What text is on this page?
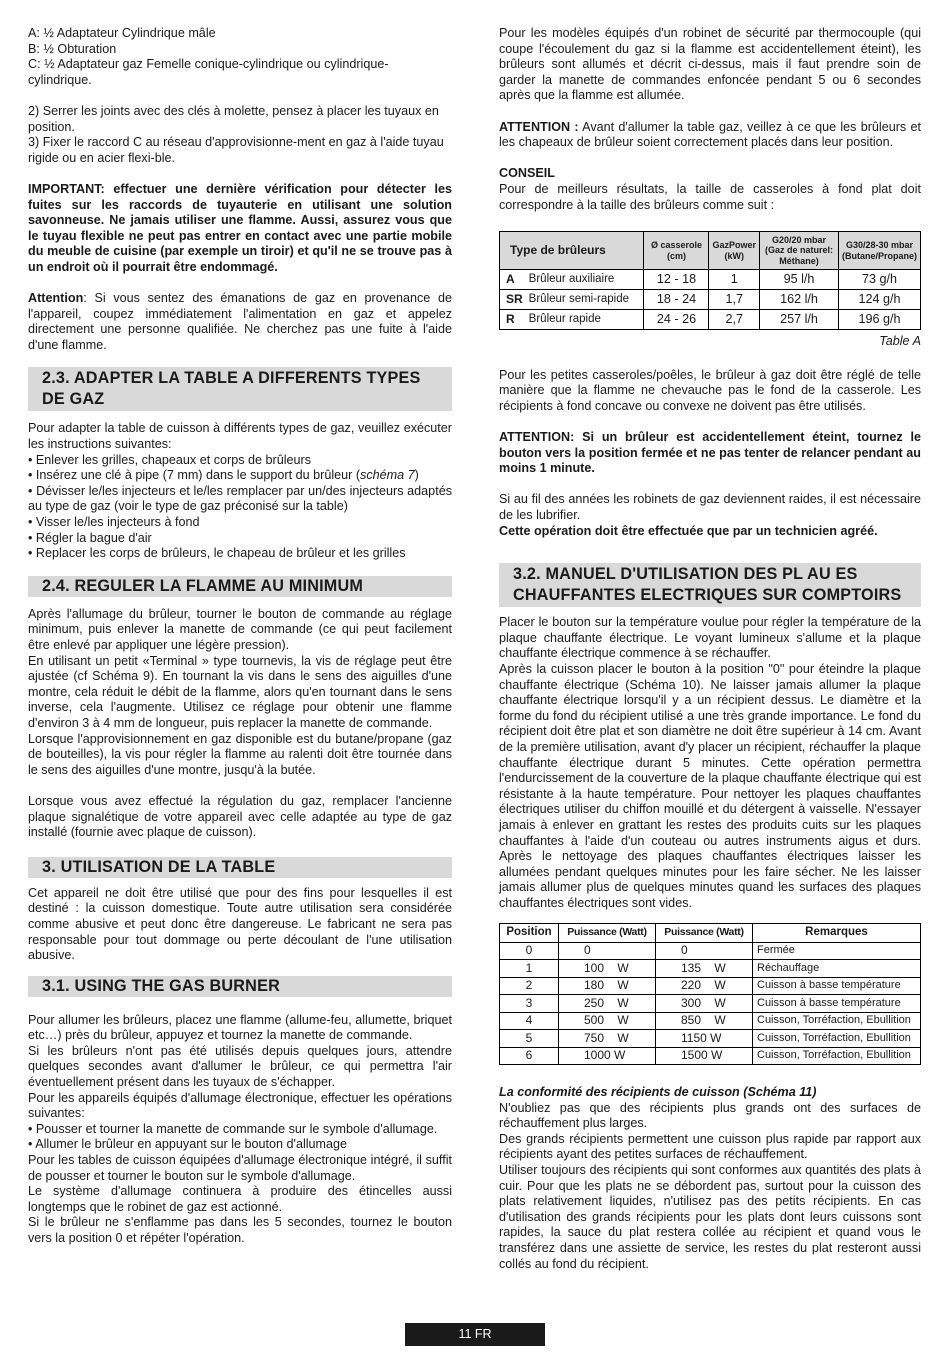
A: ½ Adaptateur Cylindrique mâle

B: ½ Obturation

C: ½ Adaptateur gaz Femelle conique-cylindrique ou cylindrique-cylindrique.

2) Serrer les joints avec des clés à molette, pensez à placer les tuyaux en position.

3) Fixer le raccord C au réseau d'approvisionne-ment en gaz à l'aide tuyau rigide ou en acier flexi-ble.

IMPORTANT: effectuer une dernière vérification pour détecter les fuites sur les raccords de tuyauterie en utilisant une solution savonneuse. Ne jamais utiliser une flamme. Aussi, assurez vous que le tuyau flexible ne peut pas entrer en contact avec une partie mobile du meuble de cuisine (par exemple un tiroir) et qu'il ne se trouve pas à un endroit où il pourrait être endommagé.

Attention: Si vous sentez des émanations de gaz en provenance de l'appareil, coupez immédiatement l'alimentation en gaz et appelez directement une personne qualifiée. Ne cherchez pas une fuite à l'aide d'une flamme.

2.3. ADAPTER LA TABLE A DIFFERENTS TYPES DE GAZ

Pour adapter la table de cuisson à différents types de gaz, veuillez exécuter les instructions suivantes:

• Enlever les grilles, chapeaux et corps de brûleurs

• Insérez une clé à pipe (7 mm) dans le support du brûleur (schéma 7)

• Dévisser le/les injecteurs et le/les remplacer par un/des injecteurs adaptés au type de gaz (voir le type de gaz préconisé sur la table)

• Visser le/les injecteurs à fond

• Régler la bague d'air

• Replacer les corps de brûleurs, le chapeau de brûleur et les grilles

2.4. REGULER LA FLAMME AU MINIMUM

Après l'allumage du brûleur, tourner le bouton de commande au réglage minimum, puis enlever la manette de commande (ce qui peut facilement être enlevé par appliquer une légère pression).

En utilisant un petit «Terminal » type tournevis, la vis de réglage peut être ajustée (cf Schéma 9). En tournant la vis dans le sens des aiguilles d'une montre, cela réduit le débit de la flamme, alors qu'en tournant dans le sens inverse, cela l'augmente. Utilisez ce réglage pour obtenir une flamme d'environ 3 à 4 mm de longueur, puis replacer la manette de commande.

Lorsque l'approvisionnement en gaz disponible est du butane/propane (gaz de bouteilles), la vis pour régler la flamme au ralenti doit être tournée dans le sens des aiguilles d'une montre, jusqu'à la butée.

Lorsque vous avez effectué la régulation du gaz, remplacer l'ancienne plaque signalétique de votre appareil avec celle adaptée au type de gaz installé (fournie avec plaque de cuisson).

3. UTILISATION DE LA TABLE

Cet appareil ne doit être utilisé que pour des fins pour lesquelles il est destiné : la cuisson domestique. Toute autre utilisation sera considérée comme abusive et peut donc être dangereuse. Le fabricant ne sera pas responsable pour tout dommage ou perte découlant de l'une utilisation abusive.

3.1. USING THE GAS BURNER

Pour allumer les brûleurs, placez une flamme (allume-feu, allumette, briquet etc…) près du brûleur, appuyez et tournez la manette de commande.

Si les brûleurs n'ont pas été utilisés depuis quelques jours, attendre quelques secondes avant d'allumer le brûleur, ce qui permettra l'air éventuellement présent dans les tuyaux de s'échapper.

Pour les appareils équipés d'allumage électronique, effectuer les opérations suivantes:

• Pousser et tourner la manette de commande sur le symbole d'allumage.

• Allumer le brûleur en appuyant sur le bouton d'allumage

Pour les tables de cuisson équipées d'allumage électronique intégré, il suffit de pousser et tourner le bouton sur le symbole d'allumage.

Le système d'allumage continuera à produire des étincelles aussi longtemps que le robinet de gaz est actionné.

Si le brûleur ne s'enflamme pas dans les 5 secondes, tournez le bouton vers la position 0 et répéter l'opération.

Pour les modèles équipés d'un robinet de sécurité par thermocouple (qui coupe l'écoulement du gaz si la flamme est accidentellement éteint), les brûleurs sont allumés et décrit ci-dessus, mais il faut prendre soin de garder la manette de commandes enfoncée pendant 5 ou 6 secondes après que la flamme est allumée.

ATTENTION : Avant d'allumer la table gaz, veillez à ce que les brûleurs et les chapeaux de brûleur soient correctement placés dans leur position.

CONSEIL

Pour de meilleurs résultats, la taille de casseroles à fond plat doit correspondre à la taille des brûleurs comme suit :

Type de brûleurs		Ø casserole (cm)	GazPower (kW)	G20/20 mbar (Gaz de naturel: Méthane)	G30/28-30 mbar (Butane/Propane)
A	Brûleur auxiliaire	12 - 18	1	95 l/h	73 g/h
SR	Brûleur semi-rapide	18 - 24	1,7	162 l/h	124 g/h
R	Brûleur rapide	24 - 26	2,7	257 l/h	196 g/h

Table A

Pour les petites casseroles/poêles, le brûleur à gaz doit être réglé de telle manière que la flamme ne chevauche pas le fond de la casserole. Les récipients à fond concave ou convexe ne doivent pas être utilisés.

ATTENTION: Si un brûleur est accidentellement éteint, tournez le bouton vers la position fermée et ne pas tenter de relancer pendant au moins 1 minute.

Si au fil des années les robinets de gaz deviennent raides, il est nécessaire de les lubrifier.

Cette opération doit être effectuée que par un technicien agréé.

3.2. MANUEL D'UTILISATION DES PL AU ES CHAUFFANTES ELECTRIQUES SUR COMPTOIRS

Placer le bouton sur la température voulue pour régler la température de la plaque chauffante électrique. Le voyant lumineux s'allume et la plaque chauffante électrique commence à se réchauffer.

Après la cuisson placer le bouton à la position "0" pour éteindre la plaque chauffante électrique (Schéma 10). Ne laisser jamais allumer la plaque chauffante électrique lorsqu'il y a un récipient dessus. Le diamètre et la forme du fond du récipient utilisé a une très grande importance. Le fond du récipient doit être plat et son diamètre ne doit être supérieur à 14 cm. Avant de la première utilisation, avant d'y placer un récipient, réchauffer la plaque chauffante électrique durant 5 minutes. Cette opération permettra l'endurcissement de la couverture de la plaque chauffante électrique qui est résistante à la haute température. Pour nettoyer les plaques chauffantes électriques utiliser du chiffon mouillé et du détergent à vaisselle. N'essayer jamais à enlever en grattant les restes des produits cuits sur les plaques chauffantes à l'aide d'un couteau ou autres instruments aigus et durs. Après le nettoyage des plaques chauffantes électriques laisser les allumées pendant quelques minutes pour les faire sécher. Ne les laisser jamais allumer plus de quelques minutes quand les surfaces des plaques chauffantes électriques sont vides.

Position	Puissance (Watt)	Puissance (Watt)	Remarques
0	0	0	Fermée
1	100    W	135    W	Réchauffage
2	180    W	220    W	Cuisson à basse température
3	250    W	300    W	Cuisson à basse température
4	500    W	850    W	Cuisson, Torréfaction, Ebullition
5	750    W	1150 W	Cuisson, Torréfaction, Ebullition
6	1000 W	1500 W	Cuisson, Torréfaction, Ebullition

La conformité des récipients de cuisson (Schéma 11)

N'oubliez pas que des récipients plus grands ont des surfaces de réchauffement plus larges.

Des grands récipients permettent une cuisson plus rapide par rapport aux récipients ayant des petites surfaces de réchauffement.

Utiliser toujours des récipients qui sont conformes aux quantités des plats à cuir. Pour que les plats ne se débordent pas, surtout pour la cuisson des plats relativement liquides, n'utilisez pas des petits récipients. En cas d'utilisation des grands récipients pour les plats dont leurs cuissons sont rapides, la sauce du plat restera collée au récipient et quand vous le transférez dans une assiette de service, les restes du plat resteront aussi collés au fond du récipient.

11 FR
